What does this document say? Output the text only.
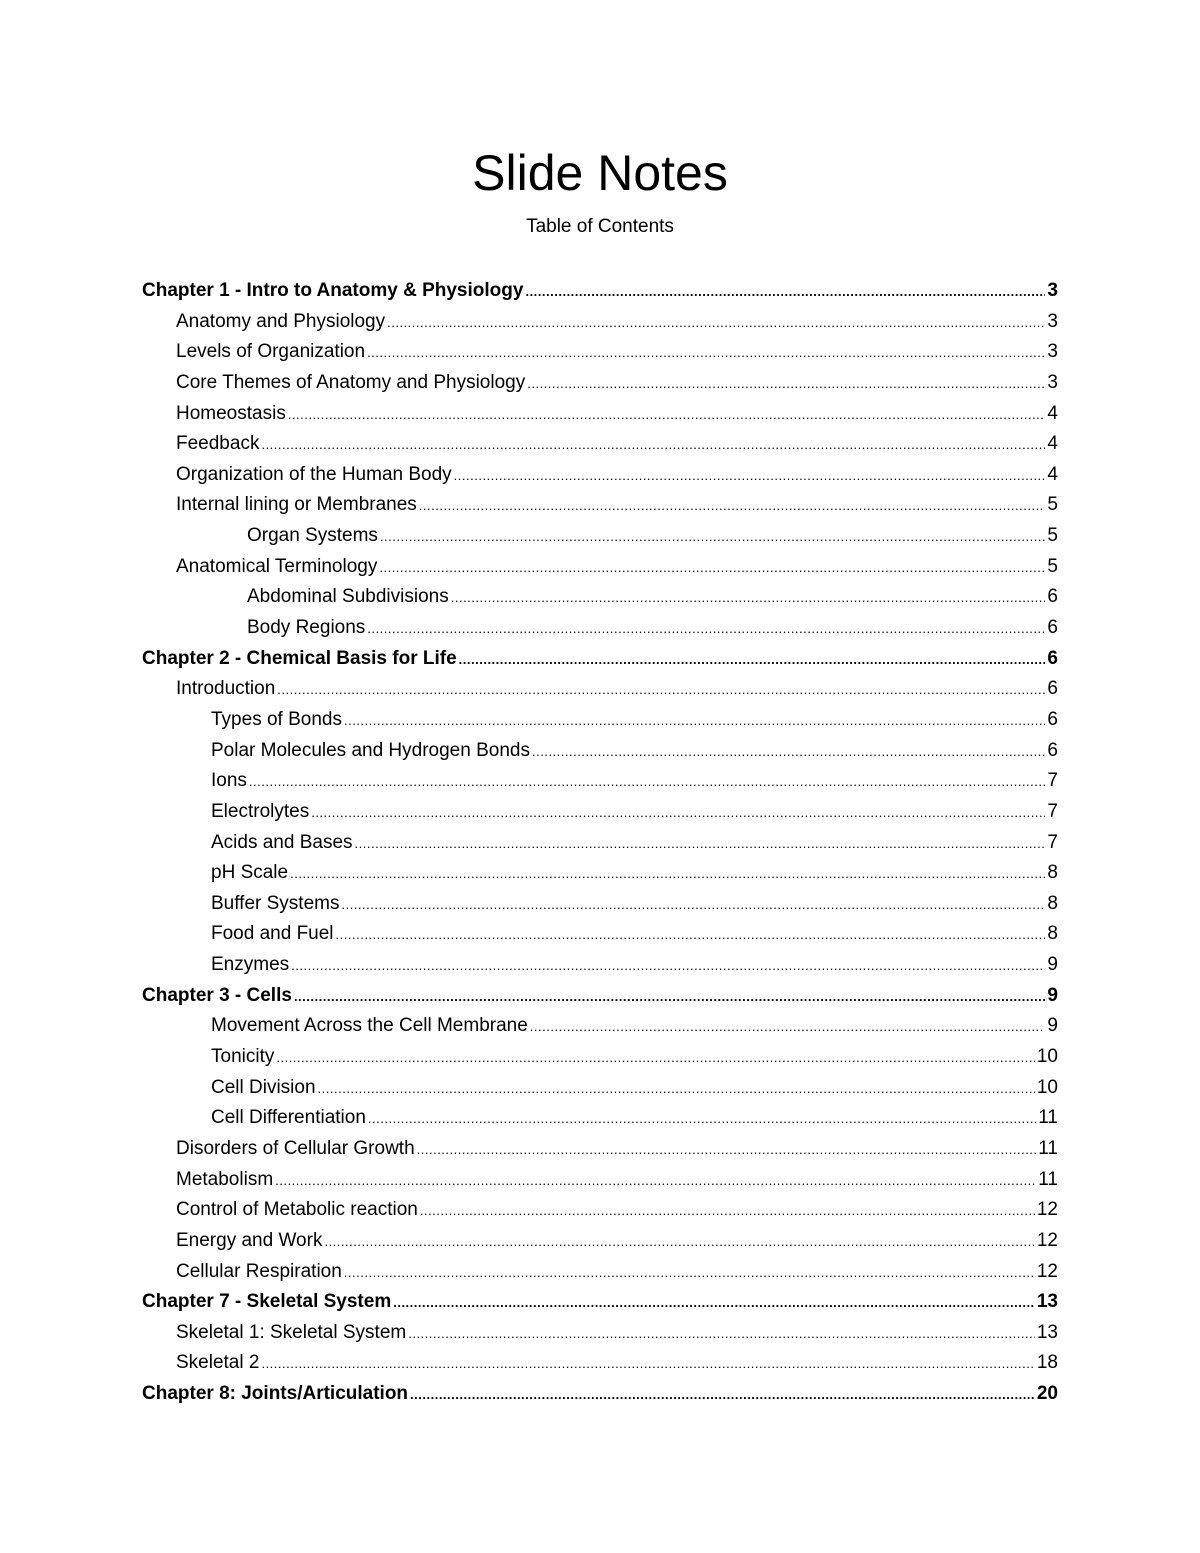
Slide Notes

Table of Contents

Chapter 1 - Intro to Anatomy & Physiology .....	3
Anatomy and Physiology .....	3
Levels of Organization .....	3
Core Themes of Anatomy and Physiology .....	3
Homeostasis .....	4
Feedback .....	4
Organization of the Human Body .....	4
Internal lining or Membranes .....	5
Organ Systems .....	5
Anatomical Terminology .....	5
Abdominal Subdivisions .....	6
Body Regions .....	6
Chapter 2 - Chemical Basis for Life .....	6
Introduction .....	6
Types of Bonds .....	6
Polar Molecules and Hydrogen Bonds .....	6
Ions .....	7
Electrolytes .....	7
Acids and Bases .....	7
pH Scale .....	8
Buffer Systems .....	8
Food and Fuel .....	8
Enzymes .....	9
Chapter 3 - Cells .....	9
Movement Across the Cell Membrane .....	9
Tonicity .....	10
Cell Division .....	10
Cell Differentiation .....	11
Disorders of Cellular Growth .....	11
Metabolism .....	11
Control of Metabolic reaction .....	12
Energy and Work .....	12
Cellular Respiration .....	12
Chapter 7 - Skeletal System .....	13
Skeletal 1: Skeletal System .....	13
Skeletal 2 .....	18
Chapter 8: Joints/Articulation .....	20
